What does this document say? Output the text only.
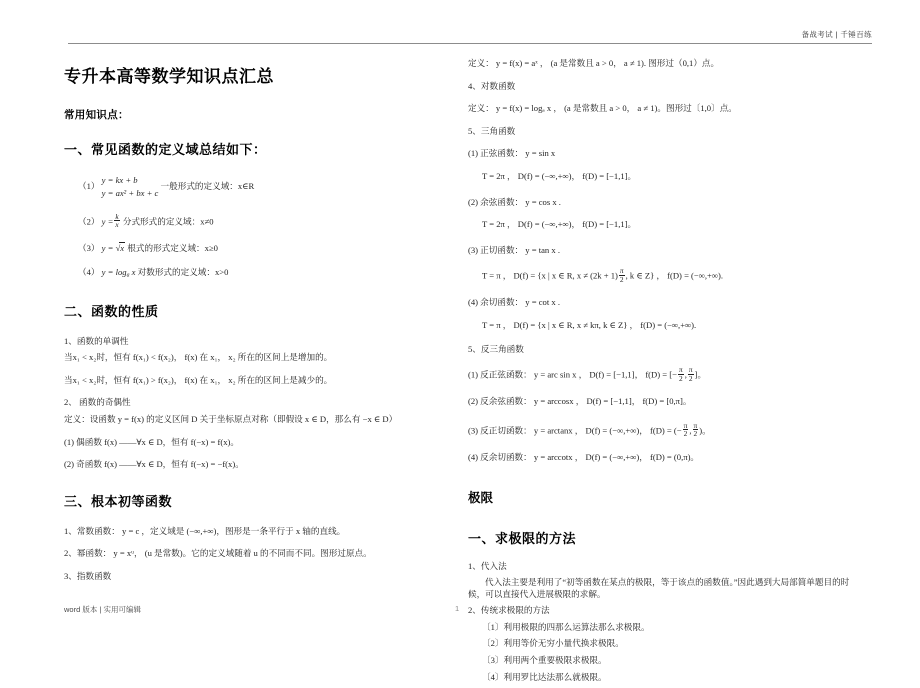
备战考试 | 千锤百练
专升本高等数学知识点汇总
常用知识点：
一、常见函数的定义域总结如下：
（1） y = kx + b
y = ax² + bx + c 一般形式的定义域：x∈R
（2） $y = \frac{k}{x}$ 分式形式的定义域：x≠0
（3） y = √x 根式的形式定义域：x≥0
（4） $y = \log_a x$ 对数形式的定义域：x>0
二、函数的性质
1、函数的单调性
当x₁ < x₂时，恒有 f(x₁) < f(x₂)， f(x) 在 x₁， x₂ 所在的区间上是增加的。
当x₁ < x₂时，恒有 f(x₁) > f(x₂)， f(x) 在 x₁， x₂ 所在的区间上是减少的。
2、 函数的奇偶性
定义：设函数 y = f(x) 的定义区间 D 关于坐标原点对称（即假设 x ∈ D，那么有 −x ∈ D）
(1) 偶函数 f(x) ——∀x ∈ D，恒有 f(−x) = f(x)。
(2) 奇函数 f(x) ——∀x ∈ D，恒有 f(−x) = −f(x)。
三、根本初等函数
1、常数函数： y = c ，定义域是 (−∞,+∞)，图形是一条平行于 x 轴的直线。
2、幂函数： y = xᵘ， (u 是常数)。它的定义域随着 u 的不同而不同。图形过原点。
3、指数函数
定义： y = f(x) = aˣ ， (a 是常数且 a > 0， a ≠ 1). 图形过（0,1）点。
4、对数函数
定义： y = f(x) = logₐ x ， (a 是常数且 a > 0， a ≠ 1)。图形过〔1,0〕点。
5、三角函数
(1) 正弦函数： y = sin x
T = 2π ， D(f) = (−∞,+∞)， f(D) = [−1,1]。
(2) 余弦函数： y = cos x .
T = 2π ， D(f) = (−∞,+∞)， f(D) = [−1,1]。
(3) 正切函数： y = tan x .
T = π ， D(f) = {x | x ∈ R, $x \ne (2k + 1) \frac{\pi}{2}$ , k ∈ Z} ， f(D) = (−∞,+∞).
(4) 余切函数： y = cot x .
T = π ， D(f) = {x | x ∈ R, x ≠ kπ, k ∈ Z} ， f(D) = (−∞,+∞).
5、反三角函数
(1) 反正弦函数： y = arc sin x ， D(f) = [−1,1]， f(D) = [− $\frac{\pi}{2}$ , $\frac{\pi}{2}$ ]。
(2) 反余弦函数： y = arccosx ， D(f) = [−1,1]， f(D) = [0,π]。
(3) 反正切函数： y = arctanx ， D(f) = (−∞,+∞)， f(D) = (− $\frac{\pi}{2}$ , $\frac{\pi}{2}$ )。
(4) 反余切函数： y = arccotx ， D(f) = (−∞,+∞)， f(D) = (0,π)。
极限
一、求极限的方法
1、代入法
代入法主要是利用了“初等函数在某点的极限，等于该点的函数值。”因此遇到大局部简单题目的时候，可以直接代入进展极限的求解。
2、传统求极限的方法
〔1〕利用极限的四那么运算法那么求极限。
〔2〕利用等价无穷小量代换求极限。
〔3〕利用两个重要极限求极限。
〔4〕利用罗比达法那么就极限。
word 版本 | 实用可编辑	1
